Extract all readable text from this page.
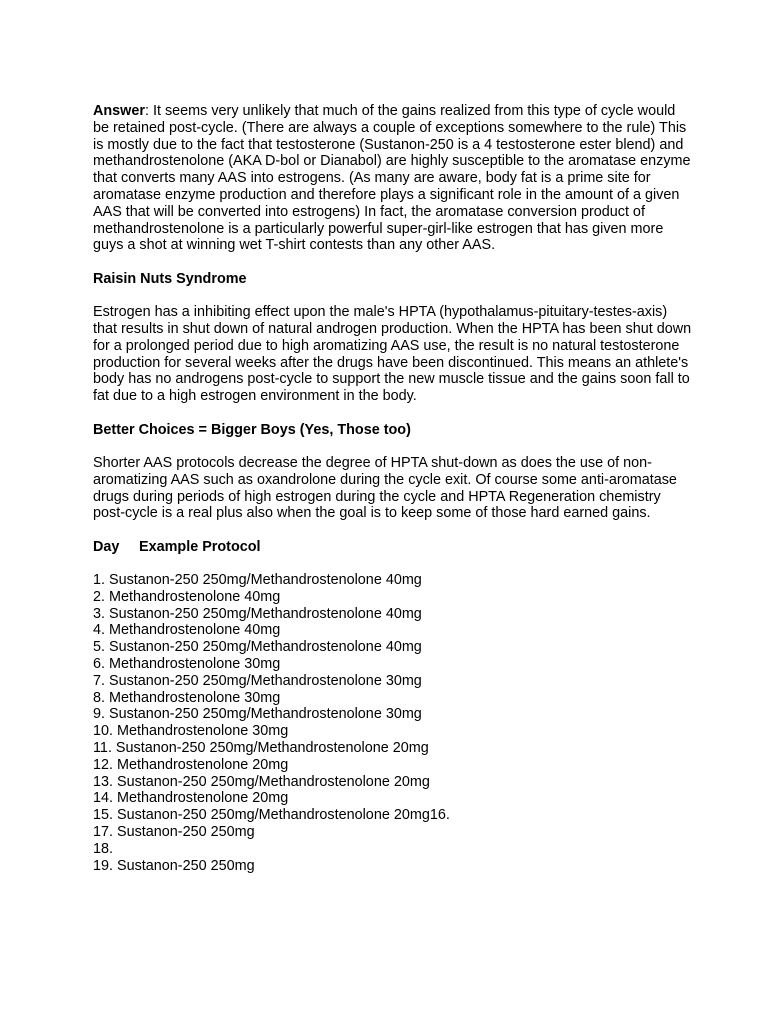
Answer: It seems very unlikely that much of the gains realized from this type of cycle would be retained post-cycle. (There are always a couple of exceptions somewhere to the rule) This is mostly due to the fact that testosterone (Sustanon-250 is a 4 testosterone ester blend) and methandrostenolone (AKA D-bol or Dianabol) are highly susceptible to the aromatase enzyme that converts many AAS into estrogens. (As many are aware, body fat is a prime site for aromatase enzyme production and therefore plays a significant role in the amount of a given AAS that will be converted into estrogens) In fact, the aromatase conversion product of methandrostenolone is a particularly powerful super-girl-like estrogen that has given more guys a shot at winning wet T-shirt contests than any other AAS.

Raisin Nuts Syndrome

Estrogen has a inhibiting effect upon the male's HPTA (hypothalamus-pituitary-testes-axis) that results in shut down of natural androgen production. When the HPTA has been shut down for a prolonged period due to high aromatizing AAS use, the result is no natural testosterone production for several weeks after the drugs have been discontinued. This means an athlete's body has no androgens post-cycle to support the new muscle tissue and the gains soon fall to fat due to a high estrogen environment in the body.

Better Choices = Bigger Boys (Yes, Those too)

Shorter AAS protocols decrease the degree of HPTA shut-down as does the use of non-aromatizing AAS such as oxandrolone during the cycle exit. Of course some anti-aromatase drugs during periods of high estrogen during the cycle and HPTA Regeneration chemistry post-cycle is a real plus also when the goal is to keep some of those hard earned gains.

Day Example Protocol

1. Sustanon-250 250mg/Methandrostenolone 40mg
2. Methandrostenolone 40mg
3. Sustanon-250 250mg/Methandrostenolone 40mg
4. Methandrostenolone 40mg
5. Sustanon-250 250mg/Methandrostenolone 40mg
6. Methandrostenolone 30mg
7. Sustanon-250 250mg/Methandrostenolone 30mg
8. Methandrostenolone 30mg
9. Sustanon-250 250mg/Methandrostenolone 30mg
10. Methandrostenolone 30mg
11. Sustanon-250 250mg/Methandrostenolone 20mg
12. Methandrostenolone 20mg
13. Sustanon-250 250mg/Methandrostenolone 20mg
14. Methandrostenolone 20mg
15. Sustanon-250 250mg/Methandrostenolone 20mg16.
17. Sustanon-250 250mg
18.
19. Sustanon-250 250mg
